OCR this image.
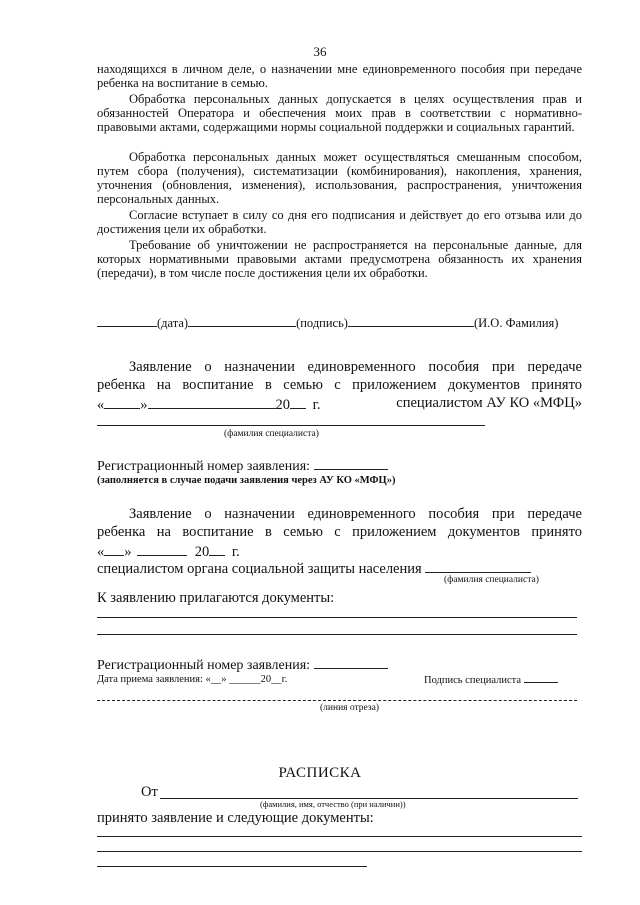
36
находящихся в личном деле, о назначении мне единовременного пособия при передаче ребенка на воспитание в семью.
Обработка персональных данных допускается в целях осуществления прав и обязанностей Оператора и обеспечения моих прав в соответствии с нормативно-правовыми актами, содержащими нормы социальной поддержки и социальных гарантий.
Обработка персональных данных может осуществляться смешанным способом, путем сбора (получения), систематизации (комбинирования), накопления, хранения, уточнения (обновления, изменения), использования, распространения, уничтожения персональных данных.
Согласие вступает в силу со дня его подписания и действует до его отзыва или до достижения цели их обработки.
Требование об уничтожении не распространяется на персональные данные, для которых нормативными правовыми актами предусмотрена обязанность их хранения (передачи), в том числе после достижения цели их обработки.
(дата)	(подпись)	(И.О. Фамилия)
Заявление о назначении единовременного пособия при передаче
ребенка на воспитание в семью с приложением документов принято
« »	20 г.	специалистом АУ КО «МФЦ»
(фамилия специалиста)
Регистрационный номер заявления:
(заполняется в случае подачи заявления через АУ КО «МФЦ»)
Заявление о назначении единовременного пособия при передаче
ребенка на воспитание в семью с приложением документов принято
« »	20 г.
специалистом органа социальной защиты населения
(фамилия специалиста)
К заявлению прилагаются документы:
Регистрационный номер заявления:
Дата приема заявления: «__» ______20__г.	Подпись специалиста
(линия отреза)
РАСПИСКА
От
(фамилия, имя, отчество (при наличии))
принято заявление и следующие документы:
